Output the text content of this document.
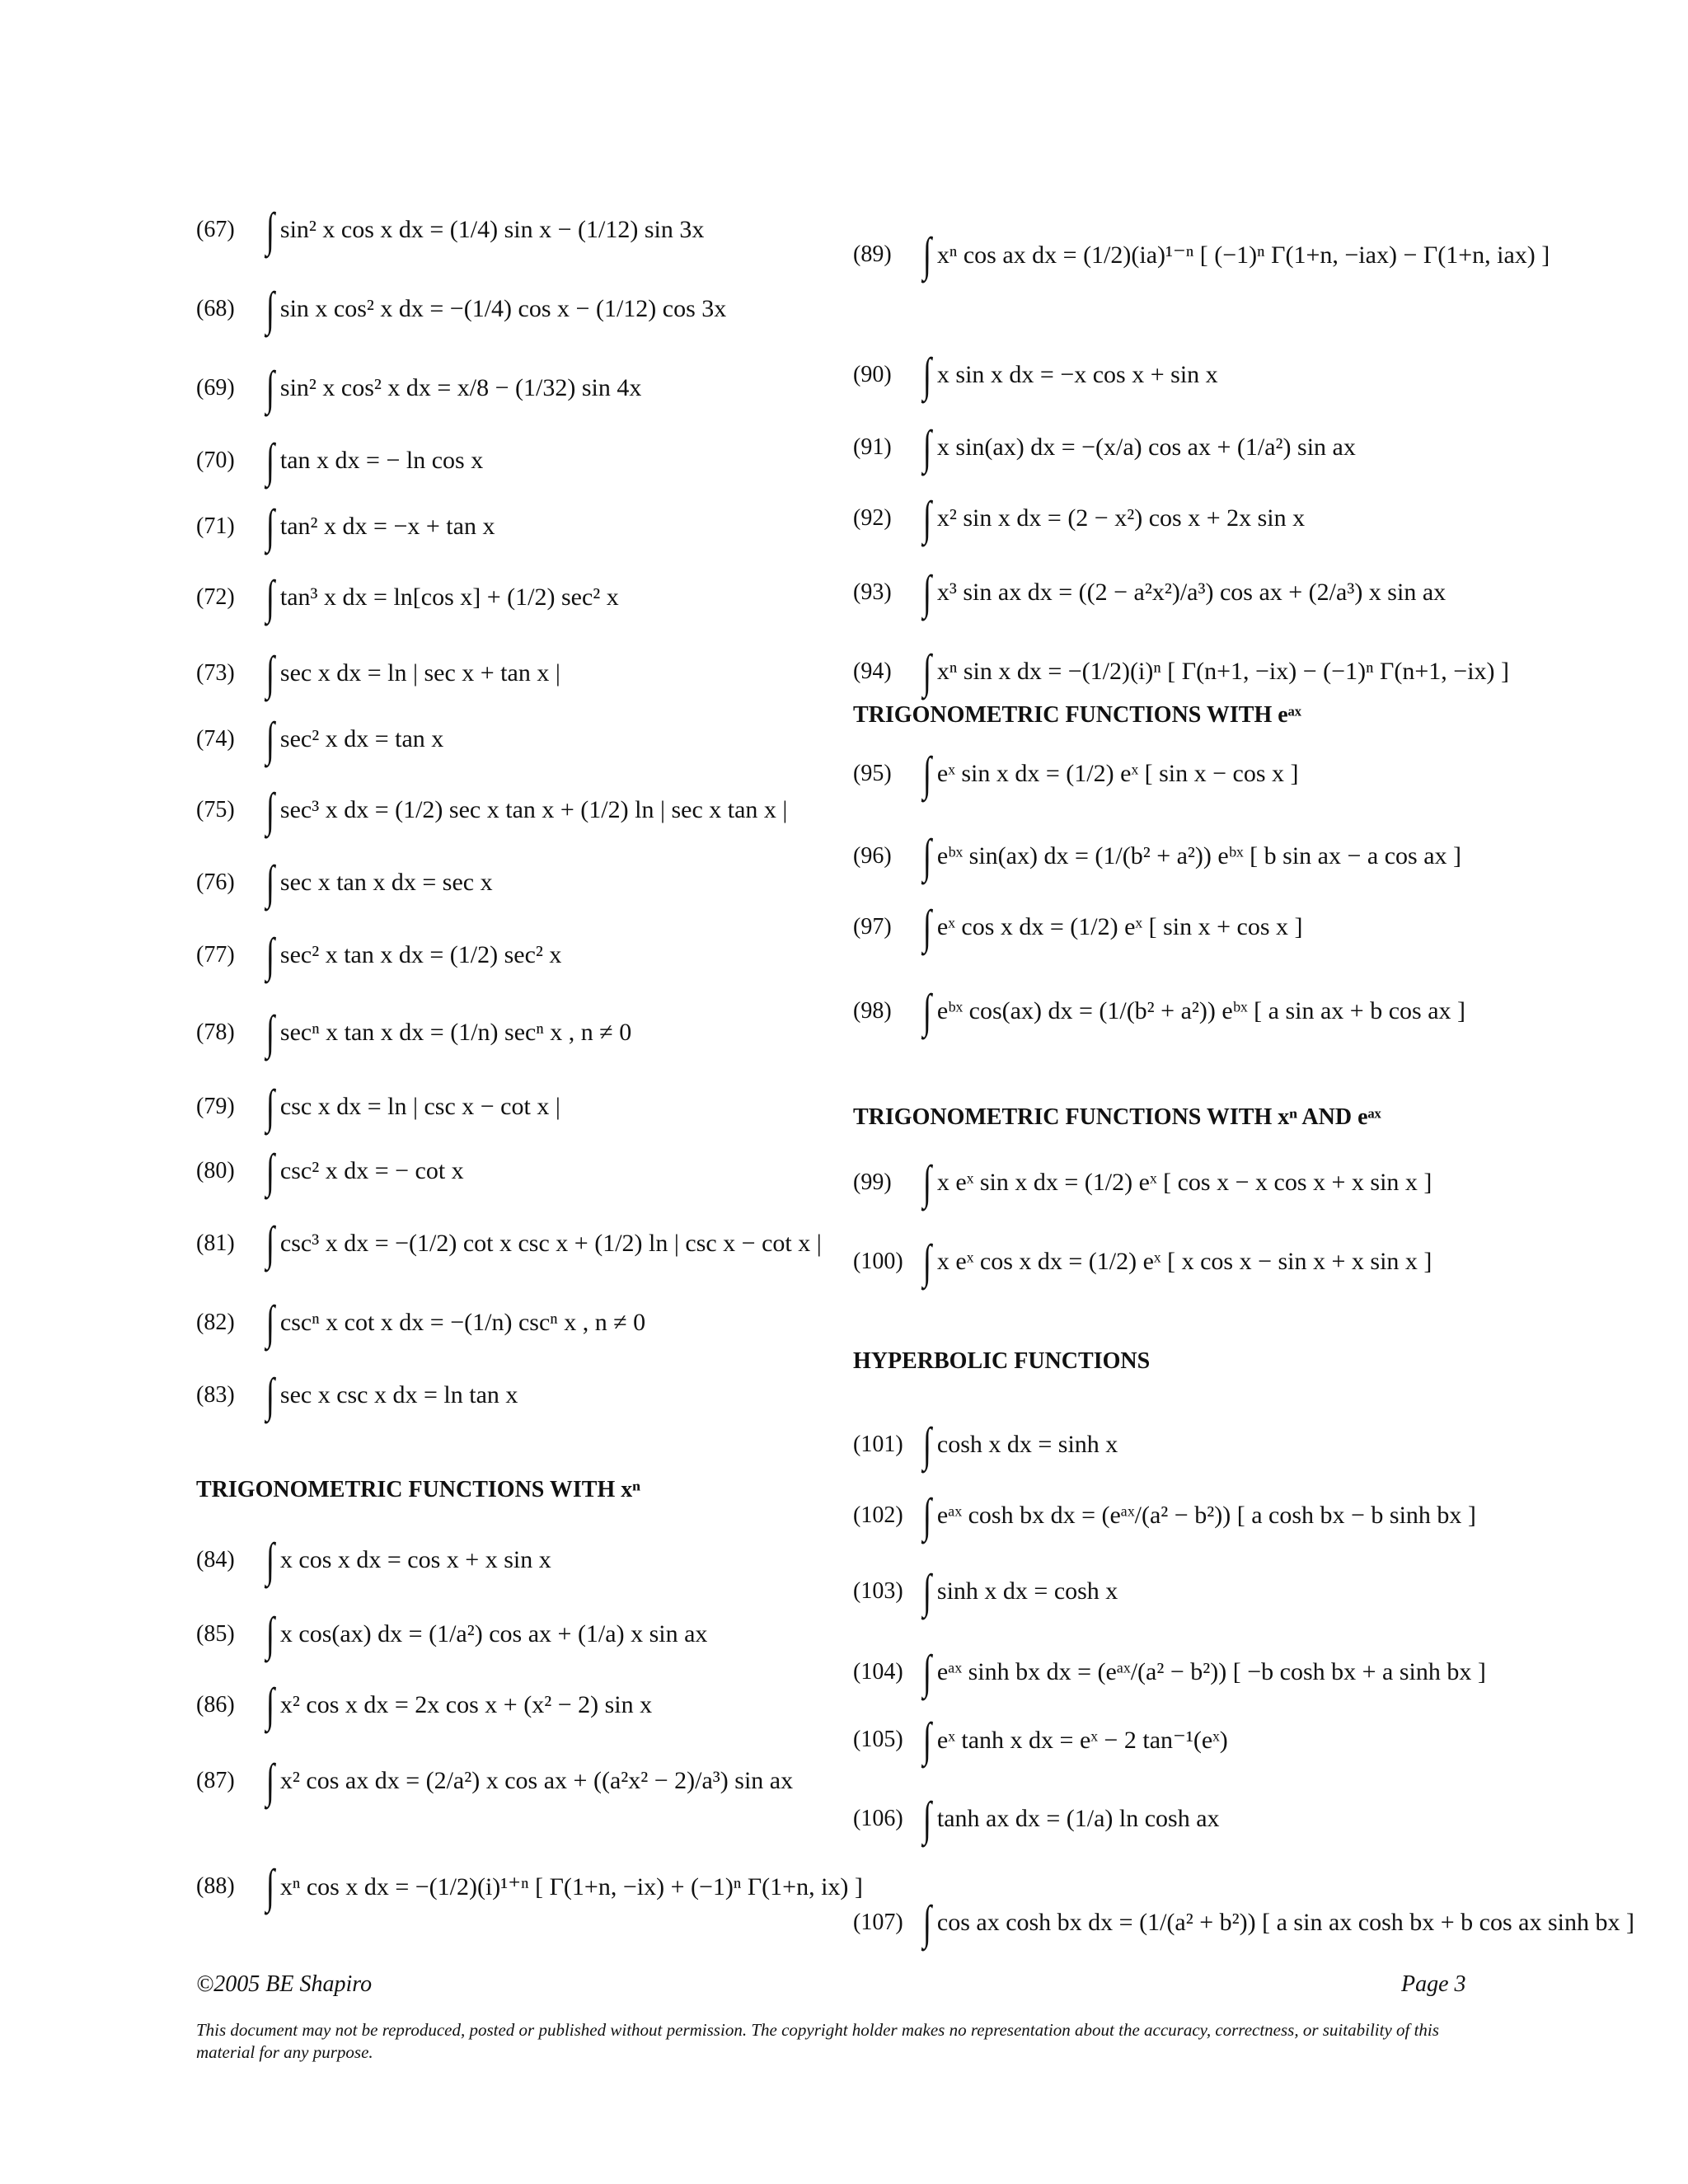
(67) ∫ sin² x cos x dx = (1/4) sin x − (1/12) sin 3x
(68) ∫ sin x cos² x dx = −(1/4) cos x − (1/12) cos 3x
(69) ∫ sin² x cos² x dx = x/8 − (1/32) sin 4x
(70) ∫ tan x dx = − ln cos x
(71) ∫ tan² x dx = −x + tan x
(72) ∫ tan³ x dx = ln[cos x] + (1/2) sec² x
(73) ∫ sec x dx = ln | sec x + tan x |
(74) ∫ sec² x dx = tan x
(75) ∫ sec³ x dx = (1/2) sec x tan x + (1/2) ln | sec x tan x |
(76) ∫ sec x tan x dx = sec x
(77) ∫ sec² x tan x dx = (1/2) sec² x
(78) ∫ secⁿ x tan x dx = (1/n) secⁿ x , n ≠ 0
(79) ∫ csc x dx = ln | csc x − cot x |
(80) ∫ csc² x dx = − cot x
(81) ∫ csc³ x dx = −(1/2) cot x csc x + (1/2) ln | csc x − cot x |
(82) ∫ cscⁿ x cot x dx = −(1/n) cscⁿ x , n ≠ 0
(83) ∫ sec x csc x dx = ln tan x
(84) ∫ x cos x dx = cos x + x sin x
(85) ∫ x cos(ax) dx = (1/a²) cos ax + (1/a) x sin ax
(86) ∫ x² cos x dx = 2x cos x + (x² − 2) sin x
(87) ∫ x² cos ax dx = (2/a²) x cos ax + ((a²x² − 2)/a³) sin ax
(88) ∫ xⁿ cos x dx = −(1/2)(i)¹⁺ⁿ [ Γ(1+n, −ix) + (−1)ⁿ Γ(1+n, ix) ]
(89) ∫ xⁿ cos ax dx = (1/2)(ia)¹⁻ⁿ [ (−1)ⁿ Γ(1+n, −iax) − Γ(1+n, iax) ]
(90) ∫ x sin x dx = −x cos x + sin x
(91) ∫ x sin(ax) dx = −(x/a) cos ax + (1/a²) sin ax
(92) ∫ x² sin x dx = (2 − x²) cos x + 2x sin x
(93) ∫ x³ sin ax dx = ((2 − a²x²)/a³) cos ax + (2/a³) x sin ax
(94) ∫ xⁿ sin x dx = −(1/2)(i)ⁿ [ Γ(n+1, −ix) − (−1)ⁿ Γ(n+1, −ix) ]
(95) ∫ eˣ sin x dx = (1/2) eˣ [ sin x − cos x ]
(96) ∫ eᵇˣ sin(ax) dx = (1/(b² + a²)) eᵇˣ [ b sin ax − a cos ax ]
(97) ∫ eˣ cos x dx = (1/2) eˣ [ sin x + cos x ]
(98) ∫ eᵇˣ cos(ax) dx = (1/(b² + a²)) eᵇˣ [ a sin ax + b cos ax ]
(99) ∫ x eˣ sin x dx = (1/2) eˣ [ cos x − x cos x + x sin x ]
(100) ∫ x eˣ cos x dx = (1/2) eˣ [ x cos x − sin x + x sin x ]
(101) ∫ cosh x dx = sinh x
(102) ∫ eᵃˣ cosh bx dx = (eᵃˣ/(a² − b²)) [ a cosh bx − b sinh bx ]
(103) ∫ sinh x dx = cosh x
(104) ∫ eᵃˣ sinh bx dx = (eᵃˣ/(a² − b²)) [ −b cosh bx + a sinh bx ]
(105) ∫ eˣ tanh x dx = eˣ − 2 tan⁻¹(eˣ)
(106) ∫ tanh ax dx = (1/a) ln cosh ax
(107) ∫ cos ax cosh bx dx = (1/(a² + b²)) [ a sin ax cosh bx + b cos ax sinh bx ]
TRIGONOMETRIC FUNCTIONS WITH xⁿ
TRIGONOMETRIC FUNCTIONS WITH eᵃˣ
TRIGONOMETRIC FUNCTIONS WITH xⁿ AND eᵃˣ
HYPERBOLIC FUNCTIONS
©2005 BE Shapiro	Page 3
This document may not be reproduced, posted or published without permission. The copyright holder makes no representation about the accuracy, correctness, or suitability of this material for any purpose.
